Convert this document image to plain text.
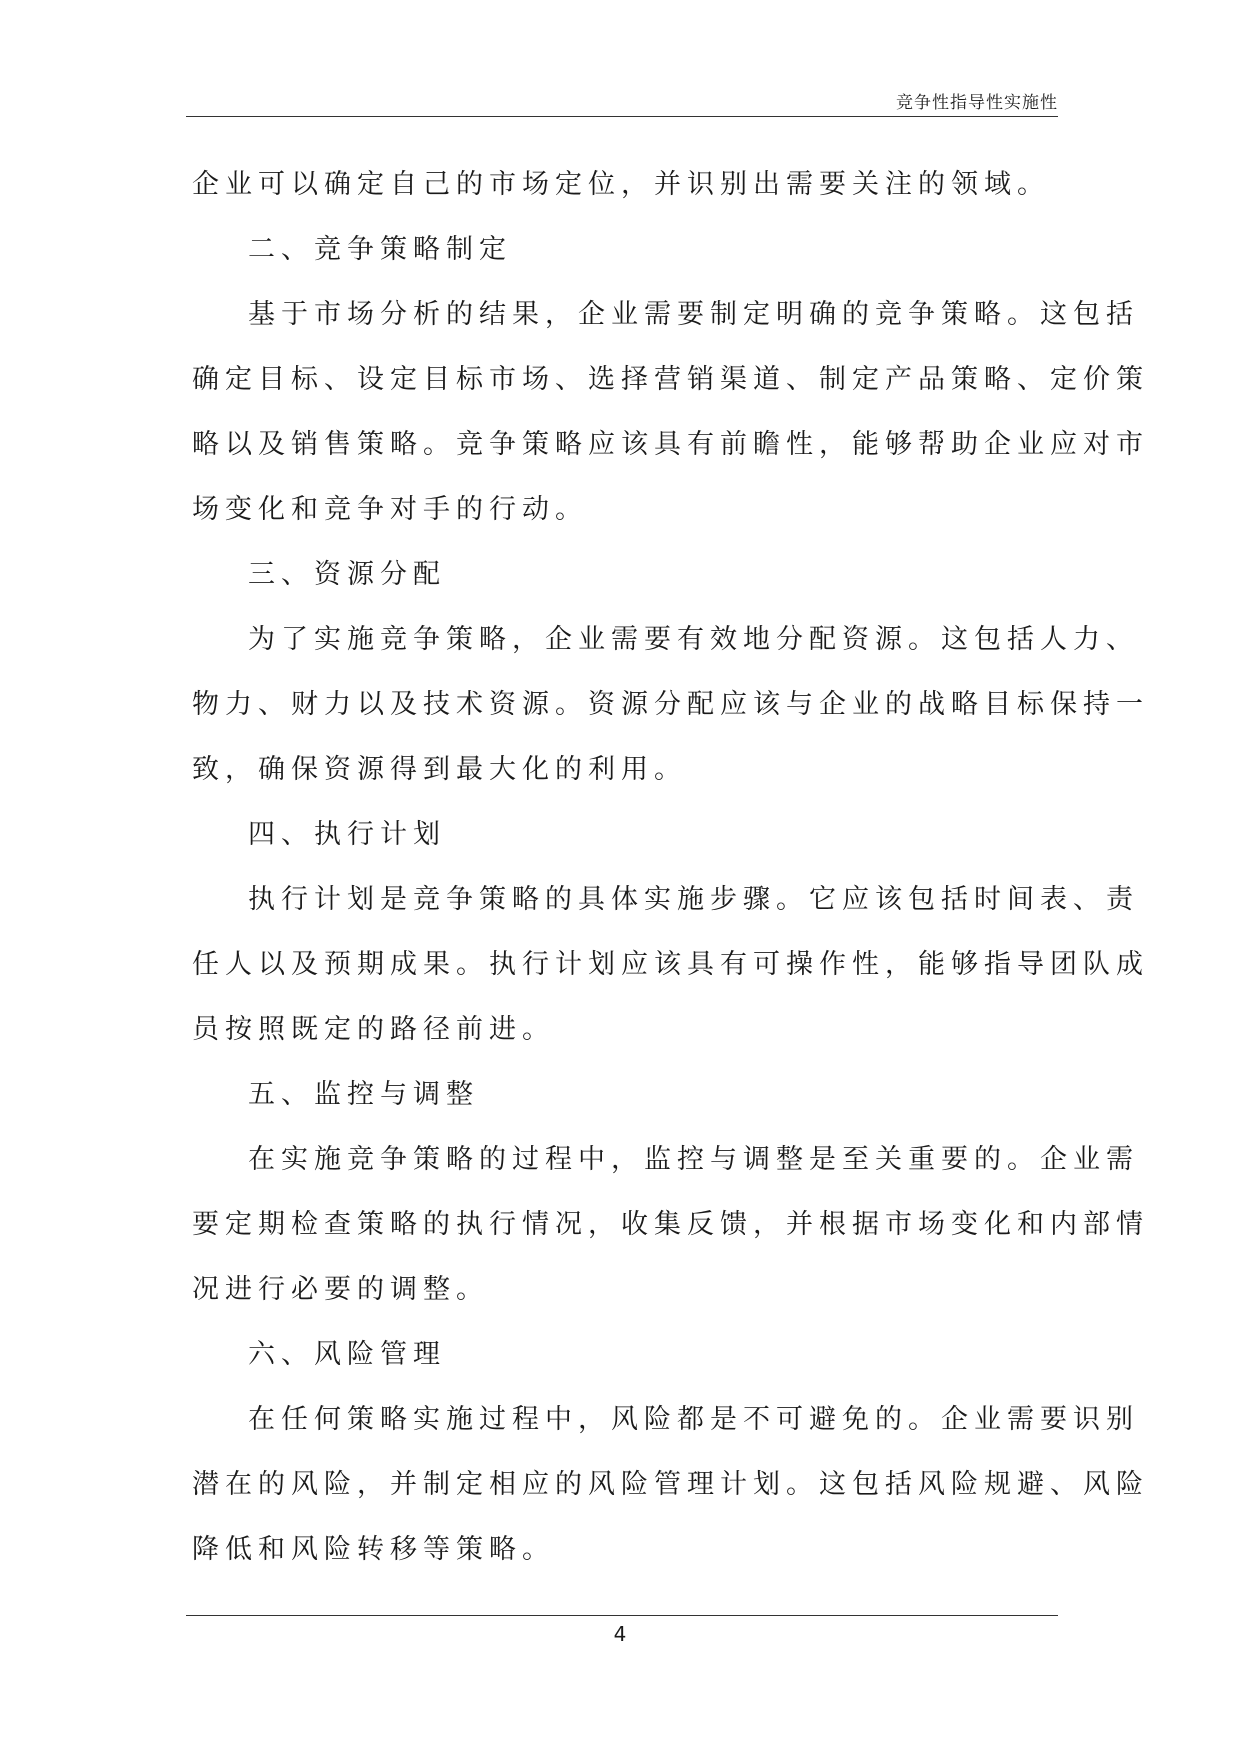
竞争性指导性实施性
企业可以确定自己的市场定位，并识别出需要关注的领域。
二、竞争策略制定
基于市场分析的结果，企业需要制定明确的竞争策略。这包括
确定目标、设定目标市场、选择营销渠道、制定产品策略、定价策
略以及销售策略。竞争策略应该具有前瞻性，能够帮助企业应对市
场变化和竞争对手的行动。
三、资源分配
为了实施竞争策略，企业需要有效地分配资源。这包括人力、
物力、财力以及技术资源。资源分配应该与企业的战略目标保持一
致，确保资源得到最大化的利用。
四、执行计划
执行计划是竞争策略的具体实施步骤。它应该包括时间表、责
任人以及预期成果。执行计划应该具有可操作性，能够指导团队成
员按照既定的路径前进。
五、监控与调整
在实施竞争策略的过程中，监控与调整是至关重要的。企业需
要定期检查策略的执行情况，收集反馈，并根据市场变化和内部情
况进行必要的调整。
六、风险管理
在任何策略实施过程中，风险都是不可避免的。企业需要识别
潜在的风险，并制定相应的风险管理计划。这包括风险规避、风险
降低和风险转移等策略。
4
